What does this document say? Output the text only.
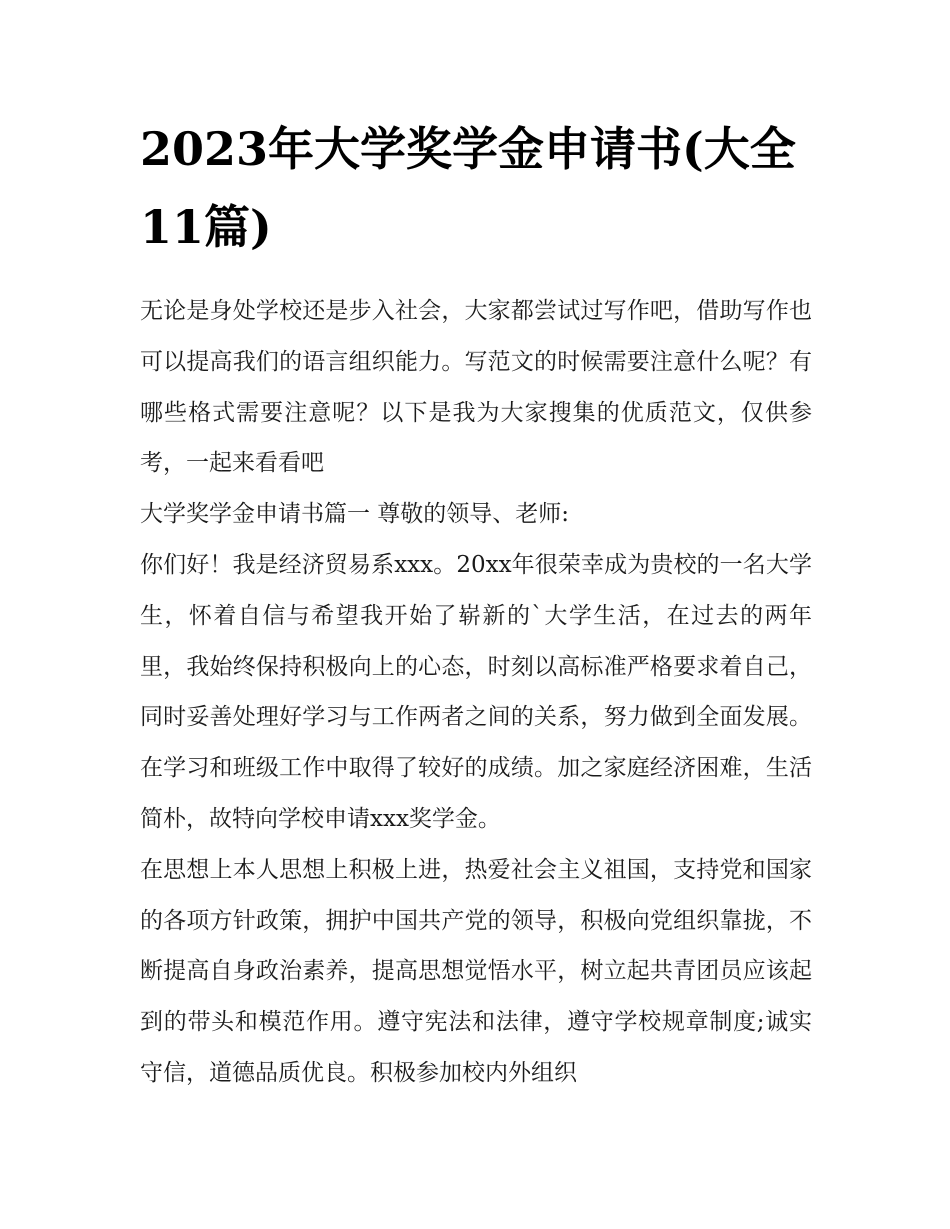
2023年大学奖学金申请书(大全11篇)

无论是身处学校还是步入社会，大家都尝试过写作吧，借助写作也可以提高我们的语言组织能力。写范文的时候需要注意什么呢？有哪些格式需要注意呢？以下是我为大家搜集的优质范文，仅供参考，一起来看看吧

大学奖学金申请书篇一 尊敬的领导、老师:

你们好！我是经济贸易系xxx。20xx年很荣幸成为贵校的一名大学生，怀着自信与希望我开始了崭新的`大学生活，在过去的两年里，我始终保持积极向上的心态，时刻以高标准严格要求着自己，同时妥善处理好学习与工作两者之间的关系，努力做到全面发展。在学习和班级工作中取得了较好的成绩。加之家庭经济困难，生活简朴，故特向学校申请xxx奖学金。

在思想上本人思想上积极上进，热爱社会主义祖国，支持党和国家的各项方针政策，拥护中国共产党的领导，积极向党组织靠拢，不断提高自身政治素养，提高思想觉悟水平，树立起共青团员应该起到的带头和模范作用。遵守宪法和法律，遵守学校规章制度;诚实守信，道德品质优良。积极参加校内外组织
